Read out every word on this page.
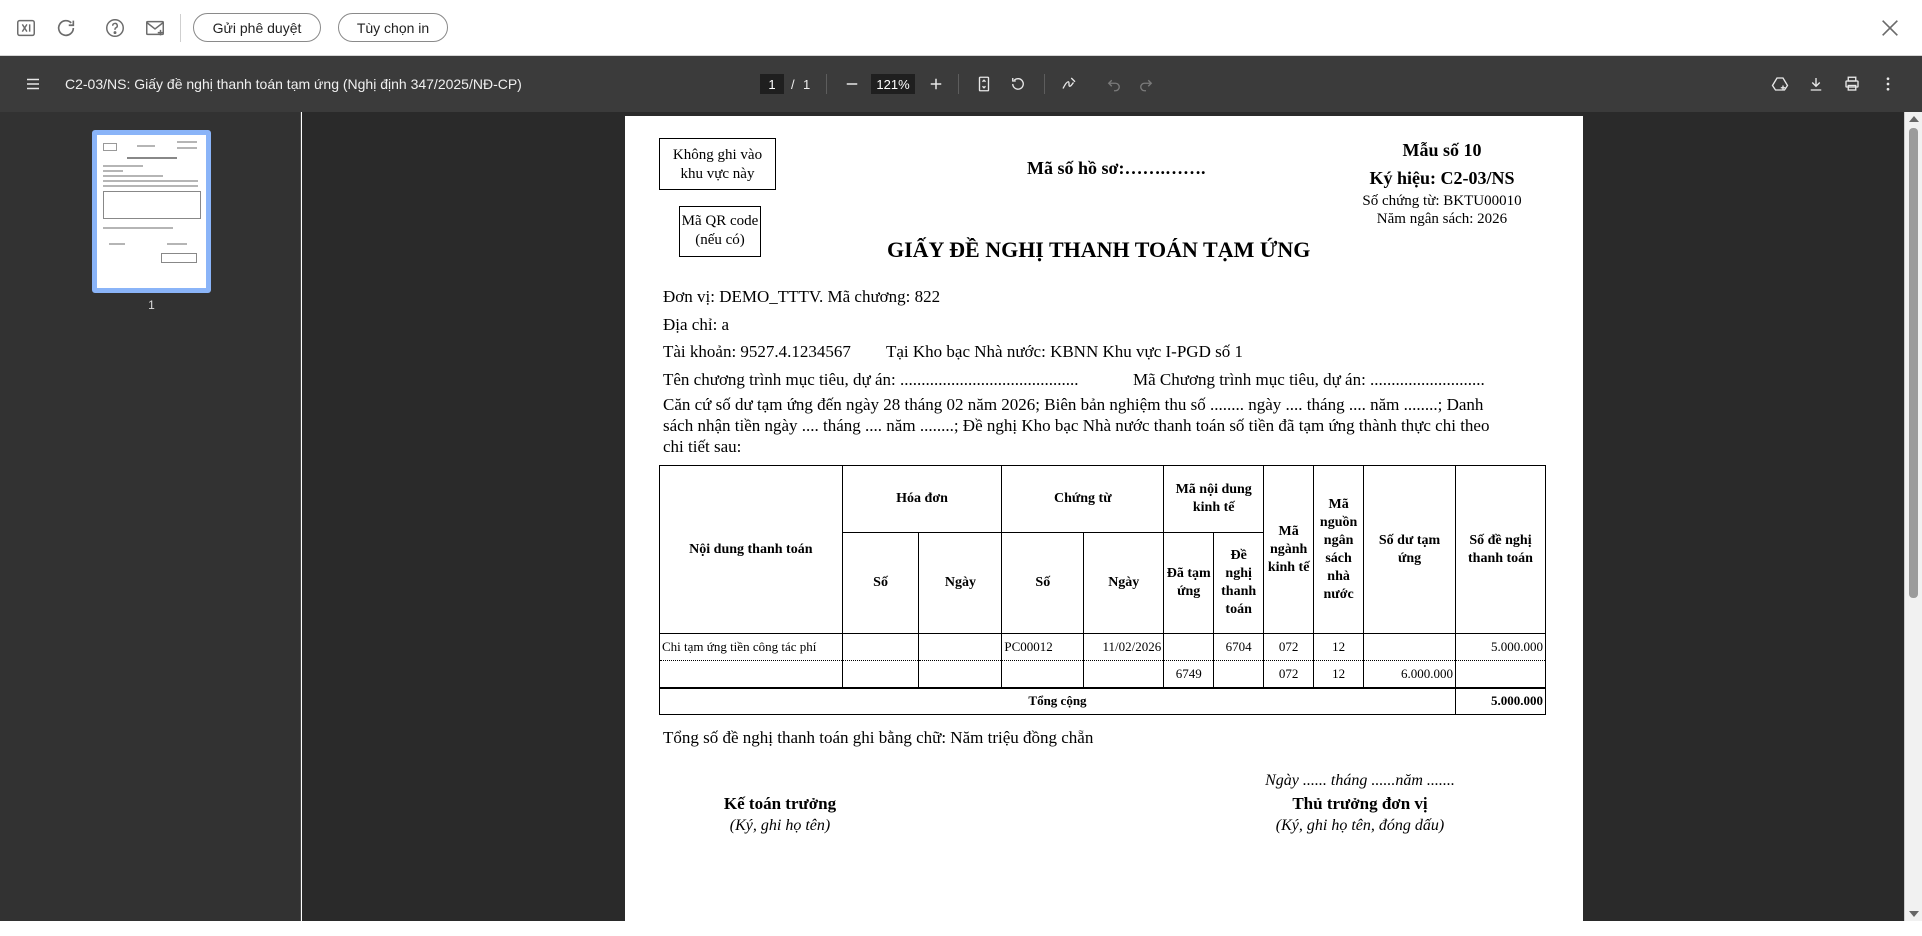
Gửi phê duyệt	Tùy chọn in
C2-03/NS: Giấy đề nghị thanh toán tạm ứng (Nghị định 347/2025/NĐ-CP)	1	/ 1	121%
1
Không ghi vào khu vực này
Mã QR code (nếu có)
Mã số hồ sơ:…….…….
Mẫu số 10
Ký hiệu: C2-03/NS
Số chứng từ: BKTU00010
Năm ngân sách: 2026
GIẤY ĐỀ NGHỊ THANH TOÁN TẠM ỨNG
Đơn vị: DEMO_TTTV. Mã chương: 822
Địa chỉ: a
Tài khoản: 9527.4.1234567 Tại Kho bạc Nhà nước: KBNN Khu vực I-PGD số 1
Tên chương trình mục tiêu, dự án: ..........................................	Mã Chương trình mục tiêu, dự án: ...........................
Căn cứ số dư tạm ứng đến ngày 28 tháng 02 năm 2026; Biên bản nghiệm thu số ........ ngày .... tháng .... năm ........; Danh
sách nhận tiền ngày .... tháng .... năm ........; Đề nghị Kho bạc Nhà nước thanh toán số tiền đã tạm ứng thành thực chi theo
chi tiết sau:
Nội dung thanh toán	Hóa đơn		Chứng từ		Mã nội dung kinh tế		Mã ngành kinh tế	Mã nguồn ngân sách nhà nước	Số dư tạm ứng	Số đề nghị thanh toán
	Số	Ngày	Số	Ngày	Đã tạm ứng	Đề nghị thanh toán				
Chi tạm ứng tiền công tác phí			PC00012	11/02/2026		6704	072	12		5.000.000
					6749		072	12	6.000.000	
Tổng cộng										5.000.000
Tổng số đề nghị thanh toán ghi bằng chữ: Năm triệu đồng chẵn
Ngày ...... tháng ......năm .......
Kế toán trưởng
(Ký, ghi họ tên)
Thủ trưởng đơn vị
(Ký, ghi họ tên, đóng dấu)
